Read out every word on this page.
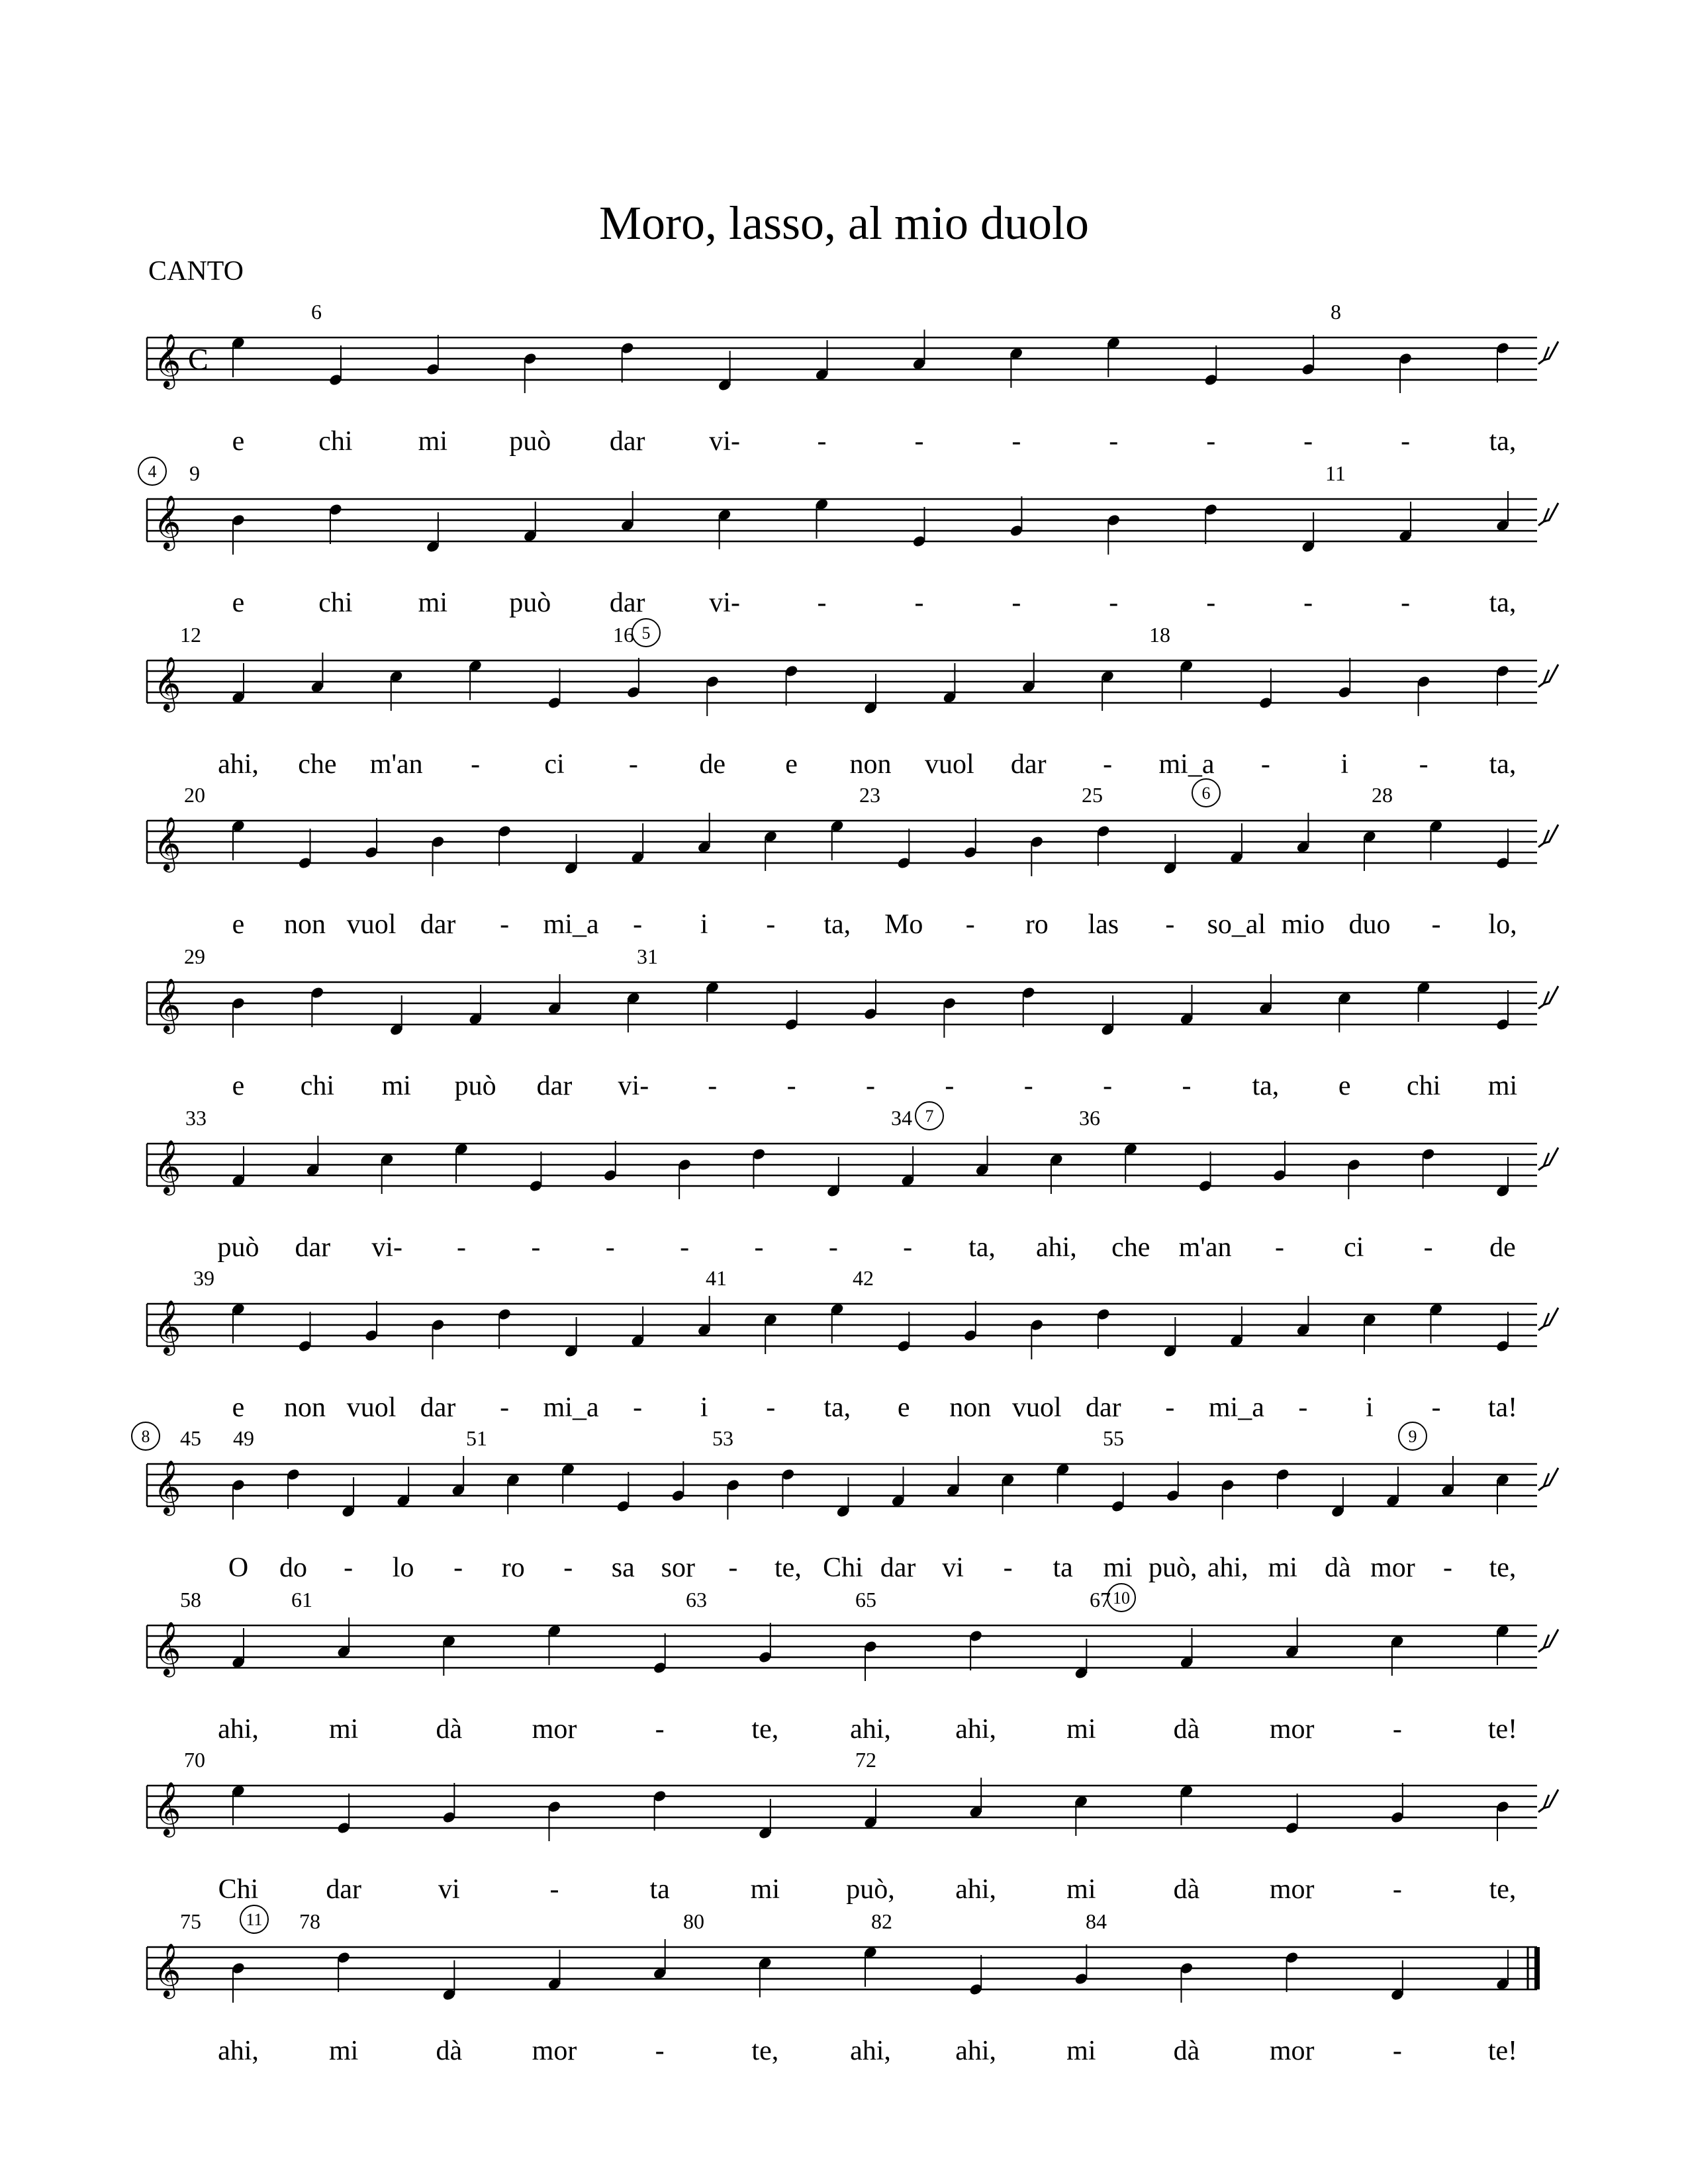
Moro, lasso, al mio duolo
CANTO
𝄞 C
6	8
e	chi mi può dar vi-	-	-	-	-	-	-	-	ta,
𝄞
9	11
4
e	chi mi può dar vi-	-	-	-	-	-	-	-	ta,
𝄞
12	16	18
5
ahi, che m'an - ci - de e non vuol dar - mi_a -	i	- ta,
𝄞
20	23	25	28
6
e non vuol dar - mi_a - i - ta, Mo - ro las - so_al mio duo - lo,
𝄞
29	31
e chi mi può dar vi- -	-	-	-	-	-	- ta, e chi mi
𝄞
33	34	36
7
può dar vi- - - - - - - - ta, ahi, che m'an - ci - de
𝄞
39	41	42
e non vuol dar - mi_a - i - ta, e non vuol dar - mi_a - i - ta!
𝄞
45 49	51	53	55
8	9
O do - lo - ro - sa sor - te, Chi dar vi - ta mi può, ahi, mi dà mor - te,
𝄞
58	61	63	65	67 10
ahi,	mi	dà	mor	-	te,	ahi, ahi,	mi	dà	mor	-	te!
𝄞
70	72
Chi dar	vi	-	ta	mi può, ahi,	mi	dà	mor	-	te,
𝄞
75	78	80	82	84
11
ahi,	mi	dà	mor	-	te,	ahi, ahi,	mi	dà	mor	-	te!
